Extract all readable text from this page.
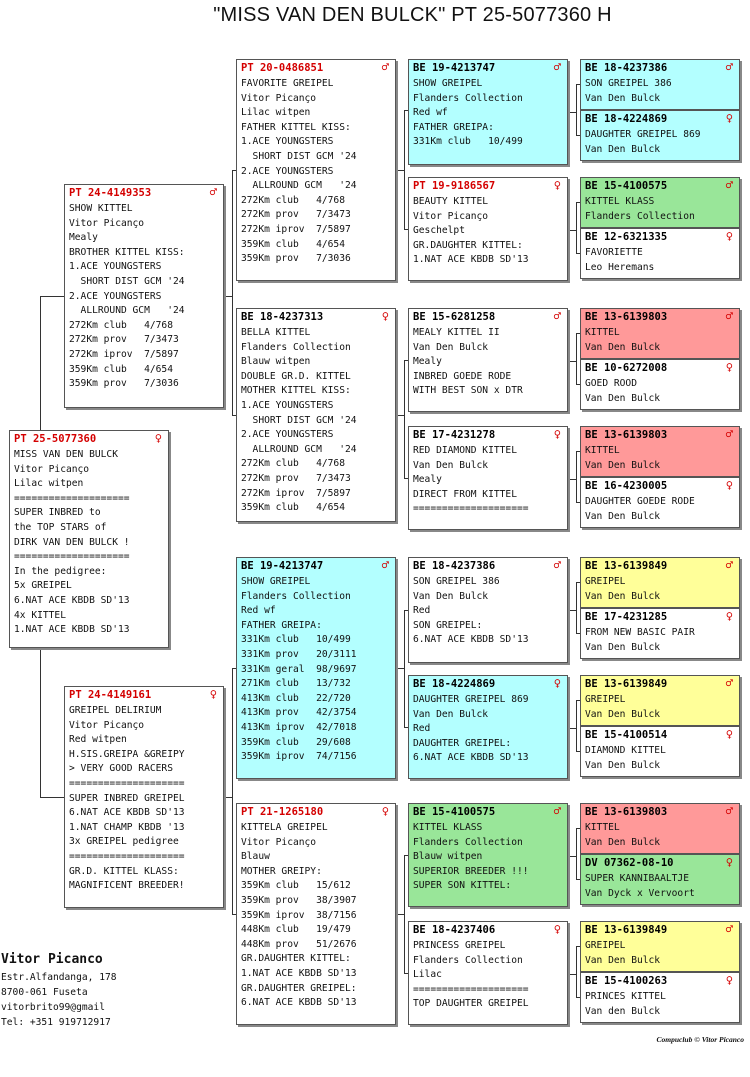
"MISS VAN DEN BULCK" PT 25-5077360 H
PT 25-5077360	♀
MISS VAN DEN BULCK
Vitor Picanço
Lilac witpen
====================
SUPER INBRED to
the TOP STARS of
DIRK VAN DEN BULCK !
====================
In the pedigree:
5x GREIPEL
6.NAT ACE KBDB SD'13
4x KITTEL
1.NAT ACE KBDB SD'13
PT 24-4149353	♂
SHOW KITTEL
Vitor Picanço
Mealy
BROTHER KITTEL KISS:
1.ACE YOUNGSTERS
SHORT DIST GCM '24
2.ACE YOUNGSTERS
ALLROUND GCM   '24
272Km club   4/768
272Km prov   7/3473
272Km iprov  7/5897
359Km club   4/654
359Km prov   7/3036
PT 24-4149161	♀
GREIPEL DELIRIUM
Vitor Picanço
Red witpen
H.SIS.GREIPA &GREIPY
> VERY GOOD RACERS
====================
SUPER INBRED GREIPEL
6.NAT ACE KBDB SD'13
1.NAT CHAMP KBDB '13
3x GREIPEL pedigree
====================
GR.D. KITTEL KLASS:
MAGNIFICENT BREEDER!
PT 20-0486851	♂
FAVORITE GREIPEL
Vitor Picanço
Lilac witpen
FATHER KITTEL KISS:
1.ACE YOUNGSTERS
SHORT DIST GCM '24
2.ACE YOUNGSTERS
ALLROUND GCM   '24
272Km club   4/768
272Km prov   7/3473
272Km iprov  7/5897
359Km club   4/654
359Km prov   7/3036
BE 18-4237313	♀
BELLA KITTEL
Flanders Collection
Blauw witpen
DOUBLE GR.D. KITTEL
MOTHER KITTEL KISS:
1.ACE YOUNGSTERS
SHORT DIST GCM '24
2.ACE YOUNGSTERS
ALLROUND GCM   '24
272Km club   4/768
272Km prov   7/3473
272Km iprov  7/5897
359Km club   4/654
BE 19-4213747	♂
SHOW GREIPEL
Flanders Collection
Red wf
FATHER GREIPA:
331Km club   10/499
331Km prov   20/3111
331Km geral  98/9697
271Km club   13/732
413Km club   22/720
413Km prov   42/3754
413Km iprov  42/7018
359Km club   29/608
359Km iprov  74/7156
PT 21-1265180	♀
KITTELA GREIPEL
Vitor Picanço
Blauw
MOTHER GREIPY:
359Km club   15/612
359Km prov   38/3907
359Km iprov  38/7156
448Km club   19/479
448Km prov   51/2676
GR.DAUGHTER KITTEL:
1.NAT ACE KBDB SD'13
GR.DAUGHTER GREIPEL:
6.NAT ACE KBDB SD'13
BE 19-4213747	♂
SHOW GREIPEL
Flanders Collection
Red wf
FATHER GREIPA:
331Km club   10/499
PT 19-9186567	♀
BEAUTY KITTEL
Vitor Picanço
Geschelpt
GR.DAUGHTER KITTEL:
1.NAT ACE KBDB SD'13
BE 15-6281258	♂
MEALY KITTEL II
Van Den Bulck
Mealy
INBRED GOEDE RODE
WITH BEST SON x DTR
BE 17-4231278	♀
RED DIAMOND KITTEL
Van Den Bulck
Mealy
DIRECT FROM KITTEL
====================
BE 18-4237386	♂
SON GREIPEL 386
Van Den Bulck
Red
SON GREIPEL:
6.NAT ACE KBDB SD'13
BE 18-4224869	♀
DAUGHTER GREIPEL 869
Van Den Bulck
Red
DAUGHTER GREIPEL:
6.NAT ACE KBDB SD'13
BE 15-4100575	♂
KITTEL KLASS
Flanders Collection
Blauw witpen
SUPERIOR BREEDER !!!
SUPER SON KITTEL:
BE 18-4237406	♀
PRINCESS GREIPEL
Flanders Collection
Lilac
====================
TOP DAUGHTER GREIPEL
BE 18-4237386	♂
SON GREIPEL 386
Van Den Bulck
BE 18-4224869	♀
DAUGHTER GREIPEL 869
Van Den Bulck
BE 15-4100575	♂
KITTEL KLASS
Flanders Collection
BE 12-6321335	♀
FAVORIETTE
Leo Heremans
BE 13-6139803	♂
KITTEL
Van Den Bulck
BE 10-6272008	♀
GOED ROOD
Van Den Bulck
BE 13-6139803	♂
KITTEL
Van Den Bulck
BE 16-4230005	♀
DAUGHTER GOEDE RODE
Van Den Bulck
BE 13-6139849	♂
GREIPEL
Van Den Bulck
BE 17-4231285	♀
FROM NEW BASIC PAIR
Van Den Bulck
BE 13-6139849	♂
GREIPEL
Van Den Bulck
BE 15-4100514	♀
DIAMOND KITTEL
Van Den Bulck
BE 13-6139803	♂
KITTEL
Van Den Bulck
DV 07362-08-10	♀
SUPER KANNIBAALTJE
Van Dyck x Vervoort
BE 13-6139849	♂
GREIPEL
Van Den Bulck
BE 15-4100263	♀
PRINCES KITTEL
Van den Bulck
Vitor Picanco
Estr.Alfandanga, 178
8700-061 Fuseta
vitorbrito99@gmail
Tel: +351 919712917
Compuclub © Vitor Picanco
